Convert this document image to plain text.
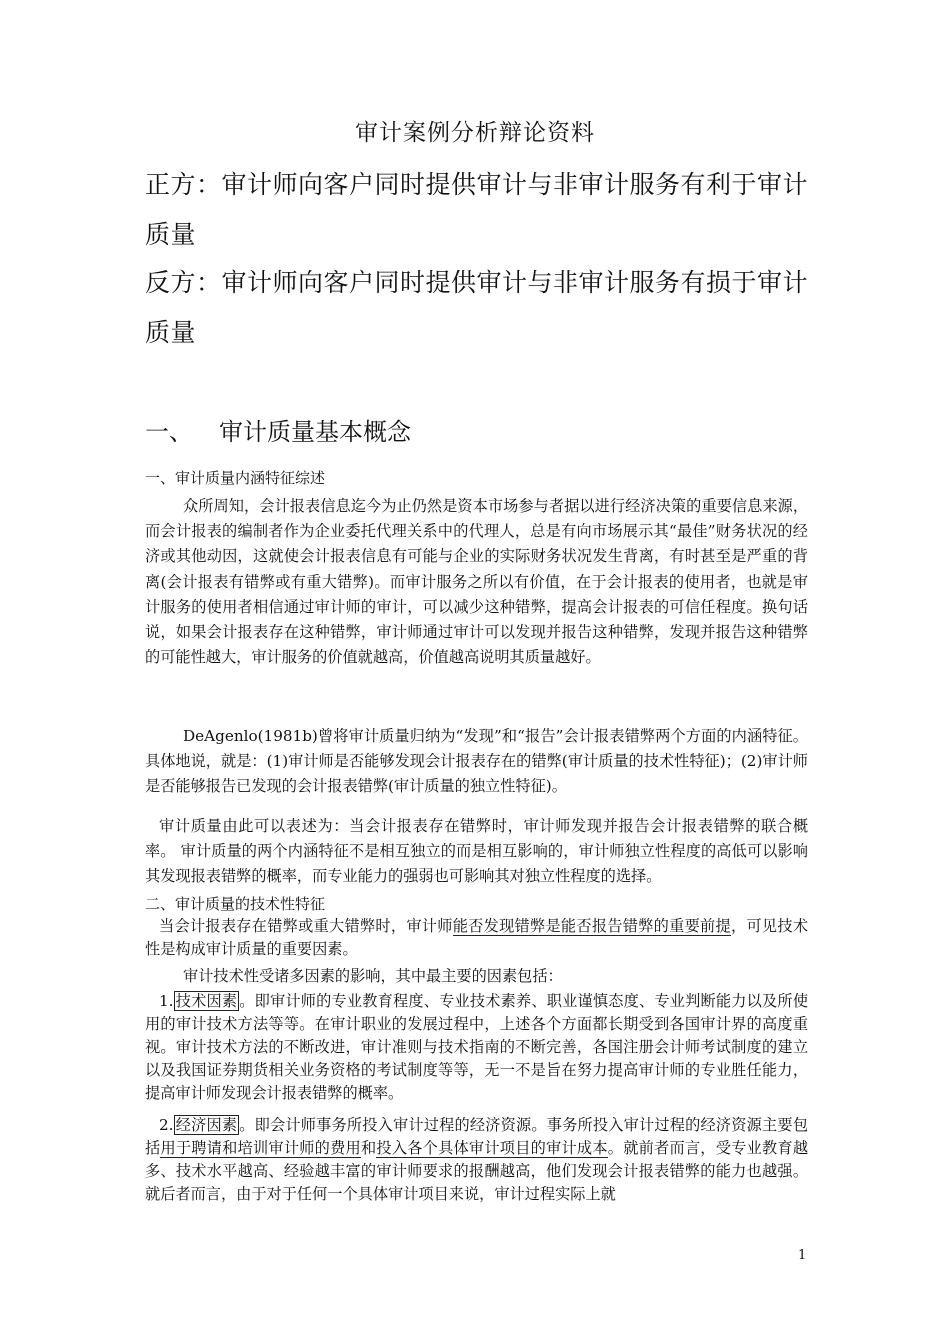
审计案例分析辩论资料
正方：审计师向客户同时提供审计与非审计服务有利于审计质量
反方：审计师向客户同时提供审计与非审计服务有损于审计质量
一、 审计质量基本概念
一、审计质量内涵特征综述

众所周知，会计报表信息迄今为止仍然是资本市场参与者据以进行经济决策的重要信息来源，而会计报表的编制者作为企业委托代理关系中的代理人，总是有向市场展示其“最佳”财务状况的经济或其他动因，这就使会计报表信息有可能与企业的实际财务状况发生背离，有时甚至是严重的背离(会计报表有错弊或有重大错弊)。而审计服务之所以有价值，在于会计报表的使用者，也就是审计服务的使用者相信通过审计师的审计，可以减少这种错弊，提高会计报表的可信任程度。换句话说，如果会计报表存在这种错弊，审计师通过审计可以发现并报告这种错弊，发现并报告这种错弊的可能性越大，审计服务的价值就越高，价值越高说明其质量越好。

DeAgenlo(1981b)曾将审计质量归纳为“发现”和“报告”会计报表错弊两个方面的内涵特征。具体地说，就是：(1)审计师是否能够发现会计报表存在的错弊(审计质量的技术性特征)；(2)审计师是否能够报告已发现的会计报表错弊(审计质量的独立性特征)。

审计质量由此可以表述为：当会计报表存在错弊时，审计师发现并报告会计报表错弊的联合概率。 审计质量的两个内涵特征不是相互独立的而是相互影响的，审计师独立性程度的高低可以影响其发现报表错弊的概率，而专业能力的强弱也可影响其对独立性程度的选择。

二、审计质量的技术性特征

当会计报表存在错弊或重大错弊时，审计师能否发现错弊是能否报告错弊的重要前提，可见技术性是构成审计质量的重要因素。

审计技术性受诸多因素的影响，其中最主要的因素包括：

1. 技术因素 。即审计师的专业教育程度、专业技术素养、职业谨慎态度、专业判断能力以及所使用的审计技术方法等等。在审计职业的发展过程中，上述各个方面都长期受到各国审计界的高度重视。审计技术方法的不断改进，审计准则与技术指南的不断完善，各国注册会计师考试制度的建立以及我国证券期货相关业务资格的考试制度等等，无一不是旨在努力提高审计师的专业胜任能力，提高审计师发现会计报表错弊的概率。

2. 经济因素 。即会计师事务所投入审计过程的经济资源。事务所投入审计过程的经济资源主要包括用于聘请和培训审计师的费用和投入各个具体审计项目的审计成本。就前者而言，受专业教育越多、技术水平越高、经验越丰富的审计师要求的报酬越高，他们发现会计报表错弊的能力也越强。就后者而言，由于对于任何一个具体审计项目来说，审计过程实际上就

1
